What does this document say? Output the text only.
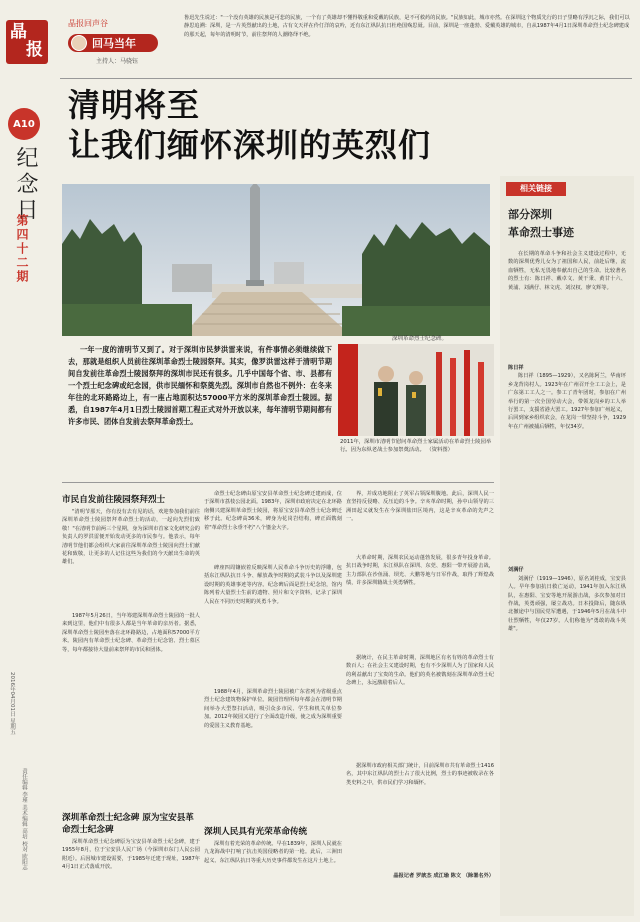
晶
报
A10
纪念日
第四十二期
2016年04月01日 星期五
责任编辑 李瑾 美术编辑 高培 校对 欧阳志
晶报回声谷
回马当年
主持人：马骁钰
鲁迅先生说过："一个没有英雄的民族是可悲的民族，一个有了英雄却不懂得敬重和爱戴的民族，是不可救药的民族。"民族如此，城市亦然。在深圳这个物质先行的日子里略有浮沉之际，我们可以静思追溯：深圳，是一片英烈献出的土地，古有文天祥在伶仃洋的哀吟，近有东江纵队抗日杜绝国殇思聂。目前，深圳是一座蓬勃、爱戴英雄的城市，自从1987年4月1日深圳革命烈士纪念碑建成的那天起，每年的清明时节，前往祭拜的人潮络绎不绝。
清明将至
让我们缅怀深圳的英烈们
深圳革命烈士纪念碑。
相关链接
部分深圳
革命烈士事迹

在长期的革命斗争和社会主义建设过程中，无数的深圳优秀儿女为了祖国和人民，前赴后继，流血牺牲，无私无畏地奉献出自己的生命。比较著名的烈士有：陈日祥、戴卓文、黄干秉、黄甘十六、黄浦、刘满仔、林文虎、刘汉权、廖文辉等。

陈日祥

陈日祥（1895—1929），又名陈阿兰，华南坪乡龙背岗村人。1923年在广州召开全工工会上，是广东第工工人之一。参工了青年团时，参加在广州举行的第一次全国劳动大会，带领龙岗乡的工人举行罢工，支援省港大罢工。1927年参加广州起义，后回到家乡组织农会，在龙岗一带坚持斗争，1929年在广州被捕后牺牲，年仅34岁。

刘满仔

刘满仔（1919—1946），原名刘桂成，宝安县人。早年参加抗日救亡运动，1941年加入东江纵队，在惠阳、宝安等地开展游击战，多次参加对日作战，英勇顽强，屡立战功。日本投降后，随东纵北撤途中与国民党军遭遇，于1946年5月在战斗中壮烈牺牲，年仅27岁。人们称他为"勇敢的战斗英雄"。

一年一度的清明节又到了。对于深圳市民梦洪雷来说，有件事情必须继续做下去，那就是组织人员前往深圳革命烈士陵园祭拜。其实，像罗洪雷这样于清明节期间自发前往革命烈士陵园祭拜的深圳市民还有很多。几乎中国每个省、市、县都有一个烈士纪念碑或纪念园，供市民缅怀和祭奠先烈。深圳市自然也不例外：在冬来年往的北环路路边上，有一座占地面积达57000平方米的深圳革命烈士陵园。据悉，自1987年4月1日烈士陵园首期工程正式对外开放以来，每年清明节期间都有许多市民、团体自发前去祭拜革命烈士。
2011年，深圳市清明节慰问革命烈士家属活动在革命烈士陵园举行。因为东纵老战士参加祭奠活动。 （资料图）
市民自发前往陵园祭拜烈士

"清明节那天，你有没有去有见的话，欢迎参加我们前往深圳革命烈士陵园祭拜革命烈士的活动，一起向先烈们致敬！"在清明节前两三个星期，身为深圳市首家文化研究会的负责人的罗洪雷便开始发动更多的市民参与。他表示，每年清明节他们都会组织大家前往深圳革命烈士陵园向烈士们献花和致敬，让更多的人记住这些为我们的今天献出生命的英雄们。

1987年5月26日，当年筹建深圳革命烈士陵园的一批人来到这里，他们中有很多人都是当年革命的亲历者。据悉，深圳革命烈士陵园坐落在北环路路边，占地面积57000平方米。陵园内有革命烈士纪念碑、革命烈士纪念馆、烈士墓区等，每年都接待大量前来祭拜的市民和团体。

深圳革命烈士纪念碑 原为宝安县革命烈士纪念碑

深圳革命烈士纪念碑原为宝安县革命烈士纪念碑，建于1955年8月，位于宝安县人民广场（今深圳市东门人民公园附近）。后因城市建设需要，于1985年迁建于现址，1987年4月1日正式落成开放。

命烈士纪念碑由原宝安县革命烈士纪念碑迁建而成，位于深圳市荔枝公园北面。1983年，深圳市政府决定在北环路南侧兴建深圳革命烈士陵园，将原宝安县革命烈士纪念碑迁移于此。纪念碑高36米，碑身为花岗岩结构，碑正面镌刻着"革命烈士永垂不朽"八个鎏金大字。

碑座四周镶嵌着反映深圳人民革命斗争历史的浮雕，包括东江纵队抗日斗争、解放战争时期的武装斗争以及深圳建设时期的英雄事迹等内容。纪念碑后面是烈士纪念馆，馆内陈列着大量烈士生前的遗物、照片和文字资料，记录了深圳人民在不同历史时期的英勇斗争。

1988年4月，深圳革命烈士陵园被广东省列为省级重点烈士纪念建筑物保护单位。陵园管理所每年都会在清明节期间举办大型祭扫活动，吸引众多市民、学生和机关单位参加。2012年陵园又进行了全面改造升级，使之成为深圳重要的爱国主义教育基地。

深圳人民具有光荣革命传统

深圳有着光荣的革命传统。早在1839年，深圳人民就在九龙海战中打响了抗击英国侵略者的第一枪。此后，三洲田起义、东江纵队抗日等重大历史事件都发生在这片土地上。

界，并成功地阻止了英军占领深圳腹地。此后，深圳人民一直坚持反侵略、反压迫的斗争。辛亥革命时期，孙中山领导的三洲田起义就发生在今深圳盐田区境内，这是辛亥革命的先声之一。

大革命时期，深圳农民运动蓬勃发展，很多青年投身革命。抗日战争时期，东江纵队在深圳、东莞、惠阳一带开展游击战，主力部队在沙鱼涌、坝光、大鹏等地与日军作战，取得了辉煌战绩，许多深圳籍战士英勇牺牲。

据统计，在民主革命时期，深圳地区有名有姓的革命烈士有数百人；在社会主义建设时期，也有不少深圳人为了国家和人民的利益献出了宝贵的生命。他们的英名被镌刻在深圳革命烈士纪念碑上，永远激励着后人。

据深圳市政府相关部门统计，目前深圳市共有革命烈士1416名，其中东江纵队的烈士占了很大比例，烈士的事迹被收录在各类史料之中，供市民们学习和缅怀。

晶报记者 罗歆杰 成江瑜 陈文 （除署名外）
